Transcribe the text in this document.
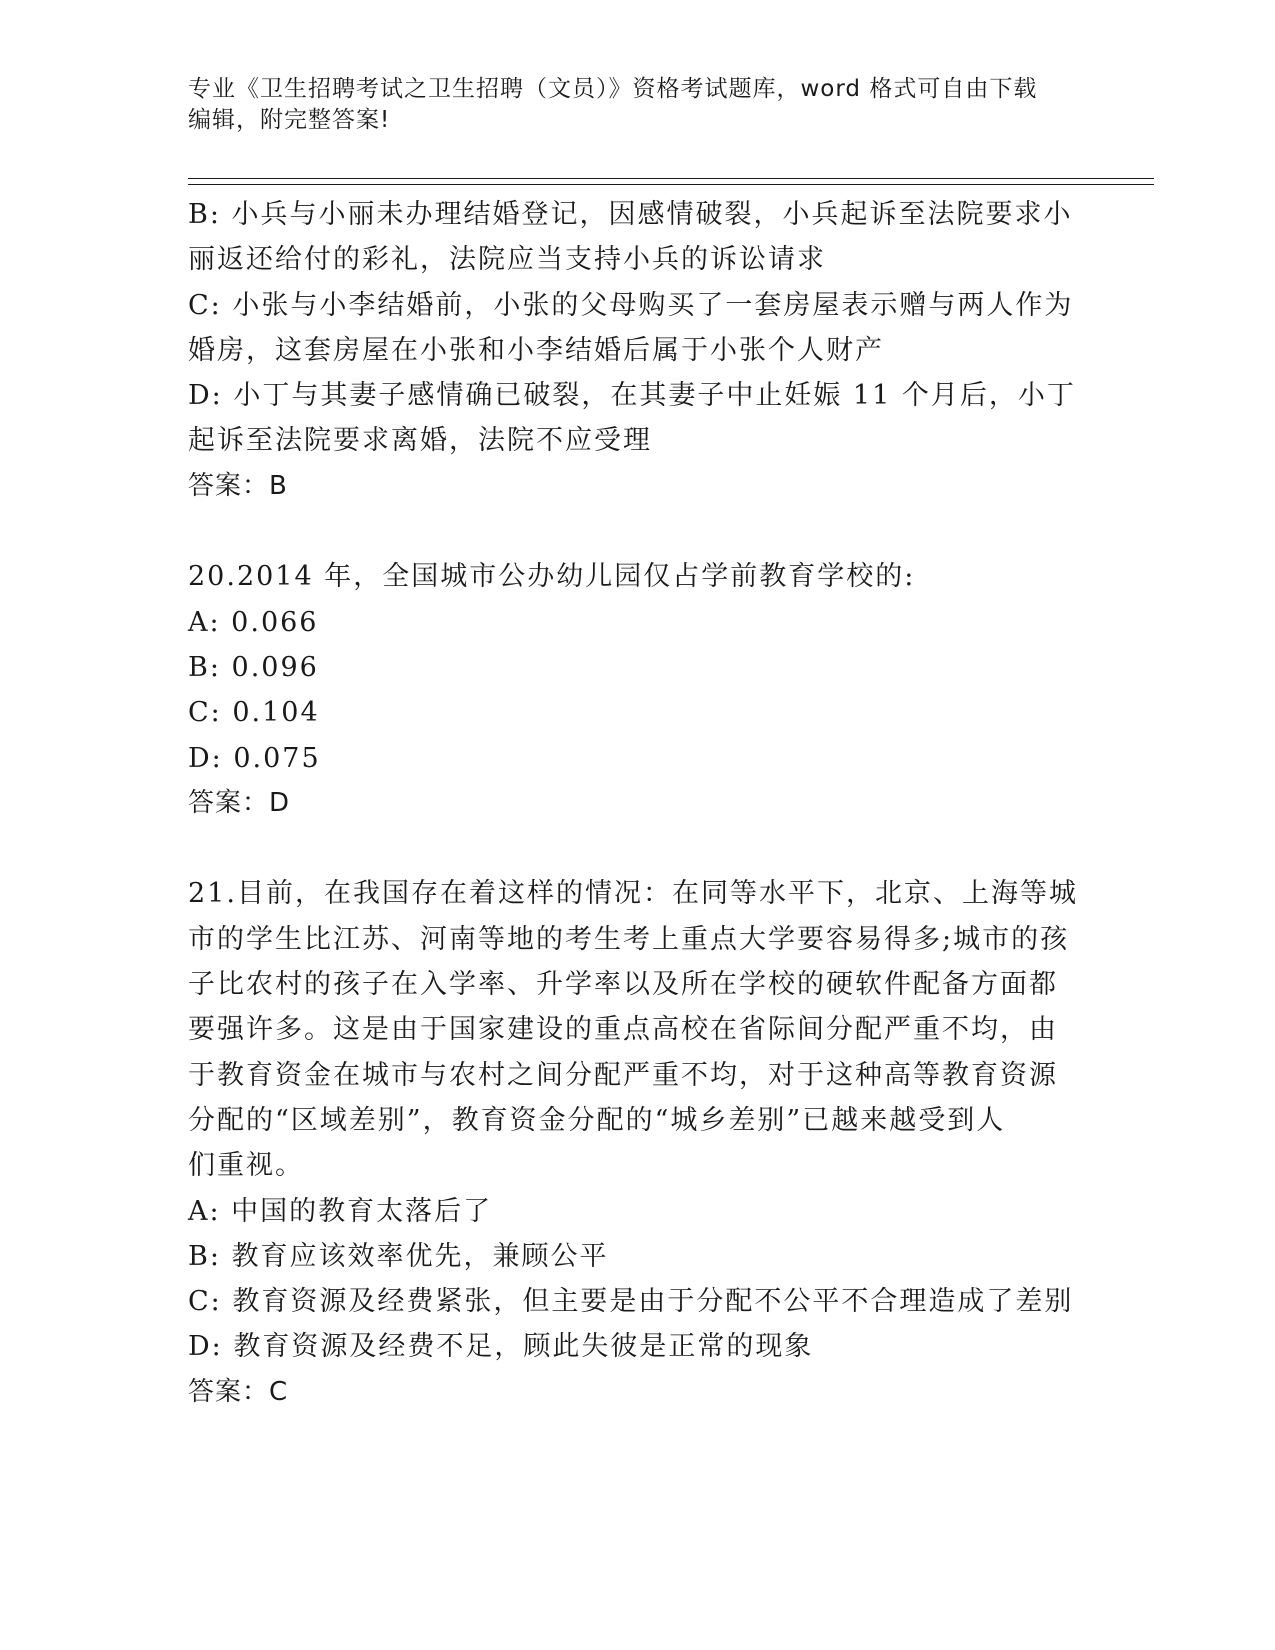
专业《卫生招聘考试之卫生招聘（文员）》资格考试题库，word 格式可自由下载
编辑，附完整答案!
B: 小兵与小丽未办理结婚登记，因感情破裂，小兵起诉至法院要求小
丽返还给付的彩礼，法院应当支持小兵的诉讼请求
C: 小张与小李结婚前，小张的父母购买了一套房屋表示赠与两人作为
婚房，这套房屋在小张和小李结婚后属于小张个人财产
D: 小丁与其妻子感情确已破裂，在其妻子中止妊娠 11 个月后，小丁
起诉至法院要求离婚，法院不应受理
答案：B
20.2014 年，全国城市公办幼儿园仅占学前教育学校的:
A: 0.066
B: 0.096
C: 0.104
D: 0.075
答案：D
21.目前，在我国存在着这样的情况：在同等水平下，北京、上海等城
市的学生比江苏、河南等地的考生考上重点大学要容易得多;城市的孩
子比农村的孩子在入学率、升学率以及所在学校的硬软件配备方面都
要强许多。这是由于国家建设的重点高校在省际间分配严重不均，由
于教育资金在城市与农村之间分配严重不均，对于这种高等教育资源
分配的“区域差别”，教育资金分配的“城乡差别”已越来越受到人
们重视。
A: 中国的教育太落后了
B: 教育应该效率优先，兼顾公平
C: 教育资源及经费紧张，但主要是由于分配不公平不合理造成了差别
D: 教育资源及经费不足，顾此失彼是正常的现象
答案：C
